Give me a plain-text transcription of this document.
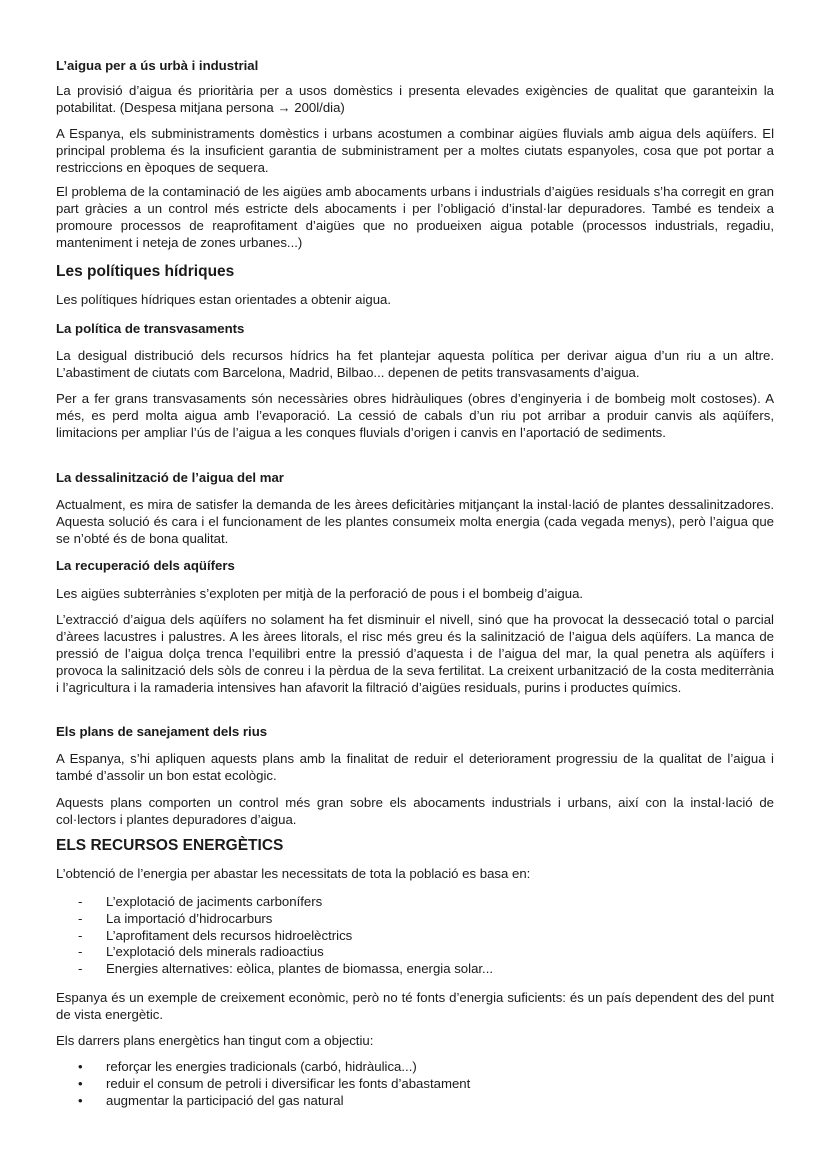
L’aigua per a ús urbà i industrial

La provisió d’aigua és prioritària per a usos domèstics i presenta elevades exigències de qualitat que garanteixin la potabilitat. (Despesa mitjana persona → 200l/dia)

A Espanya, els subministraments domèstics i urbans acostumen a combinar aigües fluvials amb aigua dels aqüífers. El principal problema és la insuficient garantia de subministrament per a moltes ciutats espanyoles, cosa que pot portar a restriccions en èpoques de sequera.

El problema de la contaminació de les aigües amb abocaments urbans i industrials d’aigües residuals s’ha corregit en gran part gràcies a un control més estricte dels abocaments i per l’obligació d’instal·lar depuradores. També es tendeix a promoure processos de reaprofitament d’aigües que no produeixen aigua potable (processos industrials, regadiu, manteniment i neteja de zones urbanes...)

Les polítiques hídriques

Les polítiques hídriques estan orientades a obtenir aigua.

La política de transvasaments

La desigual distribució dels recursos hídrics ha fet plantejar aquesta política per derivar aigua d’un riu a un altre. L’abastiment de ciutats com Barcelona, Madrid, Bilbao... depenen de petits transvasaments d’aigua.

Per a fer grans transvasaments són necessàries obres hidràuliques (obres d’enginyeria i de bombeig molt costoses). A més, es perd molta aigua amb l’evaporació. La cessió de cabals d’un riu pot arribar a produir canvis als aqüífers, limitacions per ampliar l’ús de l’aigua a les conques fluvials d’origen i canvis en l’aportació de sediments.

La dessalinització de l’aigua del mar

Actualment, es mira de satisfer la demanda de les àrees deficitàries mitjançant la instal·lació de plantes dessalinitzadores. Aquesta solució és cara i el funcionament de les plantes consumeix molta energia (cada vegada menys), però l’aigua que se n’obté és de bona qualitat.

La recuperació dels aqüífers

Les aigües subterrànies s’exploten per mitjà de la perforació de pous i el bombeig d’aigua.

L’extracció d’aigua dels aqüífers no solament ha fet disminuir el nivell, sinó que ha provocat la dessecació total o parcial d’àrees lacustres i palustres. A les àrees litorals, el risc més greu és la salinització de l’aigua dels aqüífers. La manca de pressió de l’aigua dolça trenca l’equilibri entre la pressió d’aquesta i de l’aigua del mar, la qual penetra als aqüífers i provoca la salinització dels sòls de conreu i la pèrdua de la seva fertilitat. La creixent urbanització de la costa mediterrània i l’agricultura i la ramaderia intensives han afavorit la filtració d’aigües residuals, purins i productes químics.

Els plans de sanejament dels rius

A Espanya, s’hi apliquen aquests plans amb la finalitat de reduir el deteriorament progressiu de la qualitat de l’aigua i també d’assolir un bon estat ecològic.

Aquests plans comporten un control més gran sobre els abocaments industrials i urbans, així con la instal·lació de col·lectors i plantes depuradores d’aigua.

ELS RECURSOS ENERGÈTICS

L’obtenció de l’energia per abastar les necessitats de tota la població es basa en:

- L’explotació de jaciments carbonífers
- La importació d’hidrocarburs
- L’aprofitament dels recursos hidroelèctrics
- L’explotació dels minerals radioactius
- Energies alternatives: eòlica, plantes de biomassa, energia solar...

Espanya és un exemple de creixement econòmic, però no té fonts d’energia suficients: és un país dependent des del punt de vista energètic.

Els darrers plans energètics han tingut com a objectiu:

• reforçar les energies tradicionals (carbó, hidràulica...)
• reduir el consum de petroli i diversificar les fonts d’abastament
• augmentar la participació del gas natural
